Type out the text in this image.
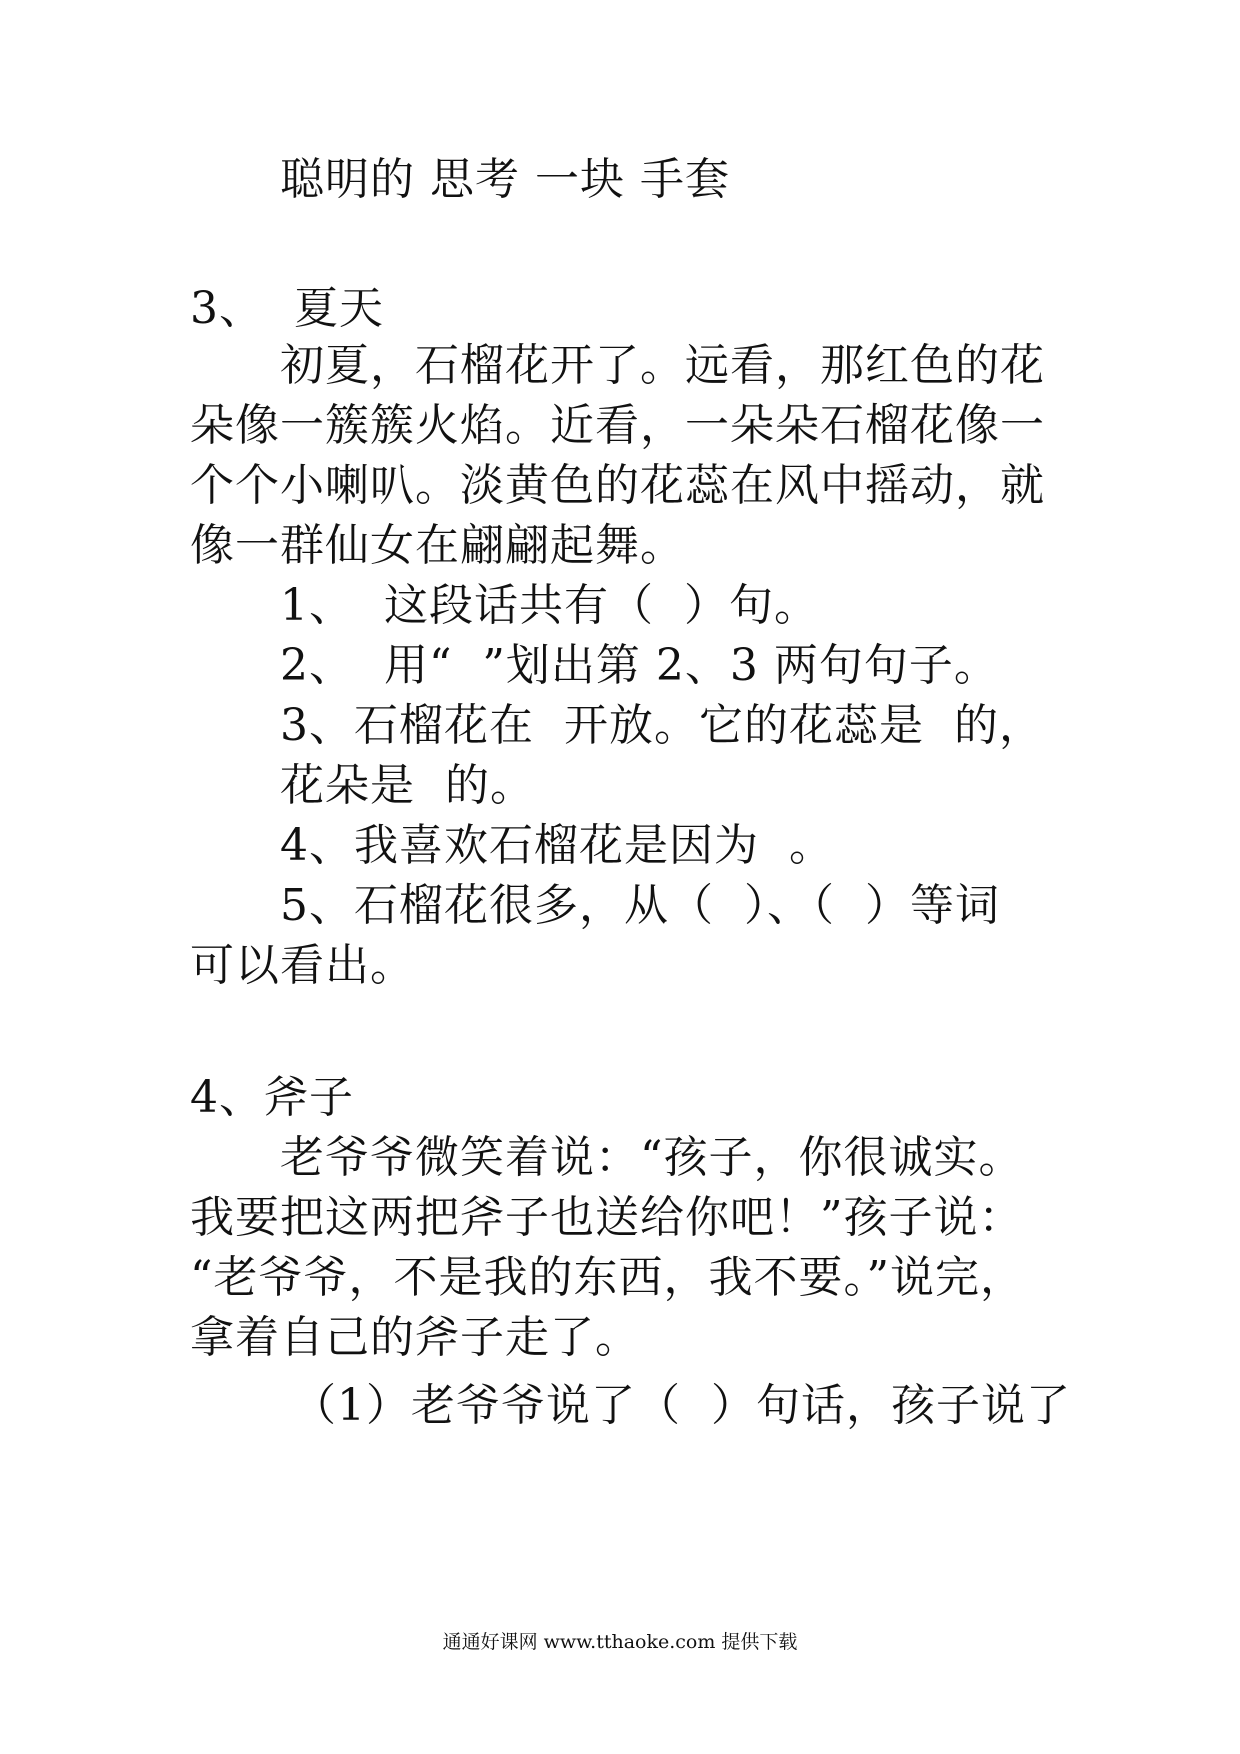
聪明的 思考 一块 手套
3、  夏天
初夏，石榴花开了。远看，那红色的花
朵像一簇簇火焰。近看，一朵朵石榴花像一
个个小喇叭。淡黄色的花蕊在风中摇动，就
像一群仙女在翩翩起舞。
1、  这段话共有（  ）句。
2、  用“  ”划出第 2、3 两句句子。
3、石榴花在  开放。它的花蕊是  的，
花朵是  的。
4、我喜欢石榴花是因为  。
5、石榴花很多，从（  ）、（  ）等词
可以看出。
4、斧子
老爷爷微笑着说：“孩子，你很诚实。
我要把这两把斧子也送给你吧！”孩子说：
“老爷爷，不是我的东西，我不要。”说完，
拿着自己的斧子走了。
（1）老爷爷说了（  ）句话，孩子说了
通通好课网 www.tthaoke.com 提供下载
